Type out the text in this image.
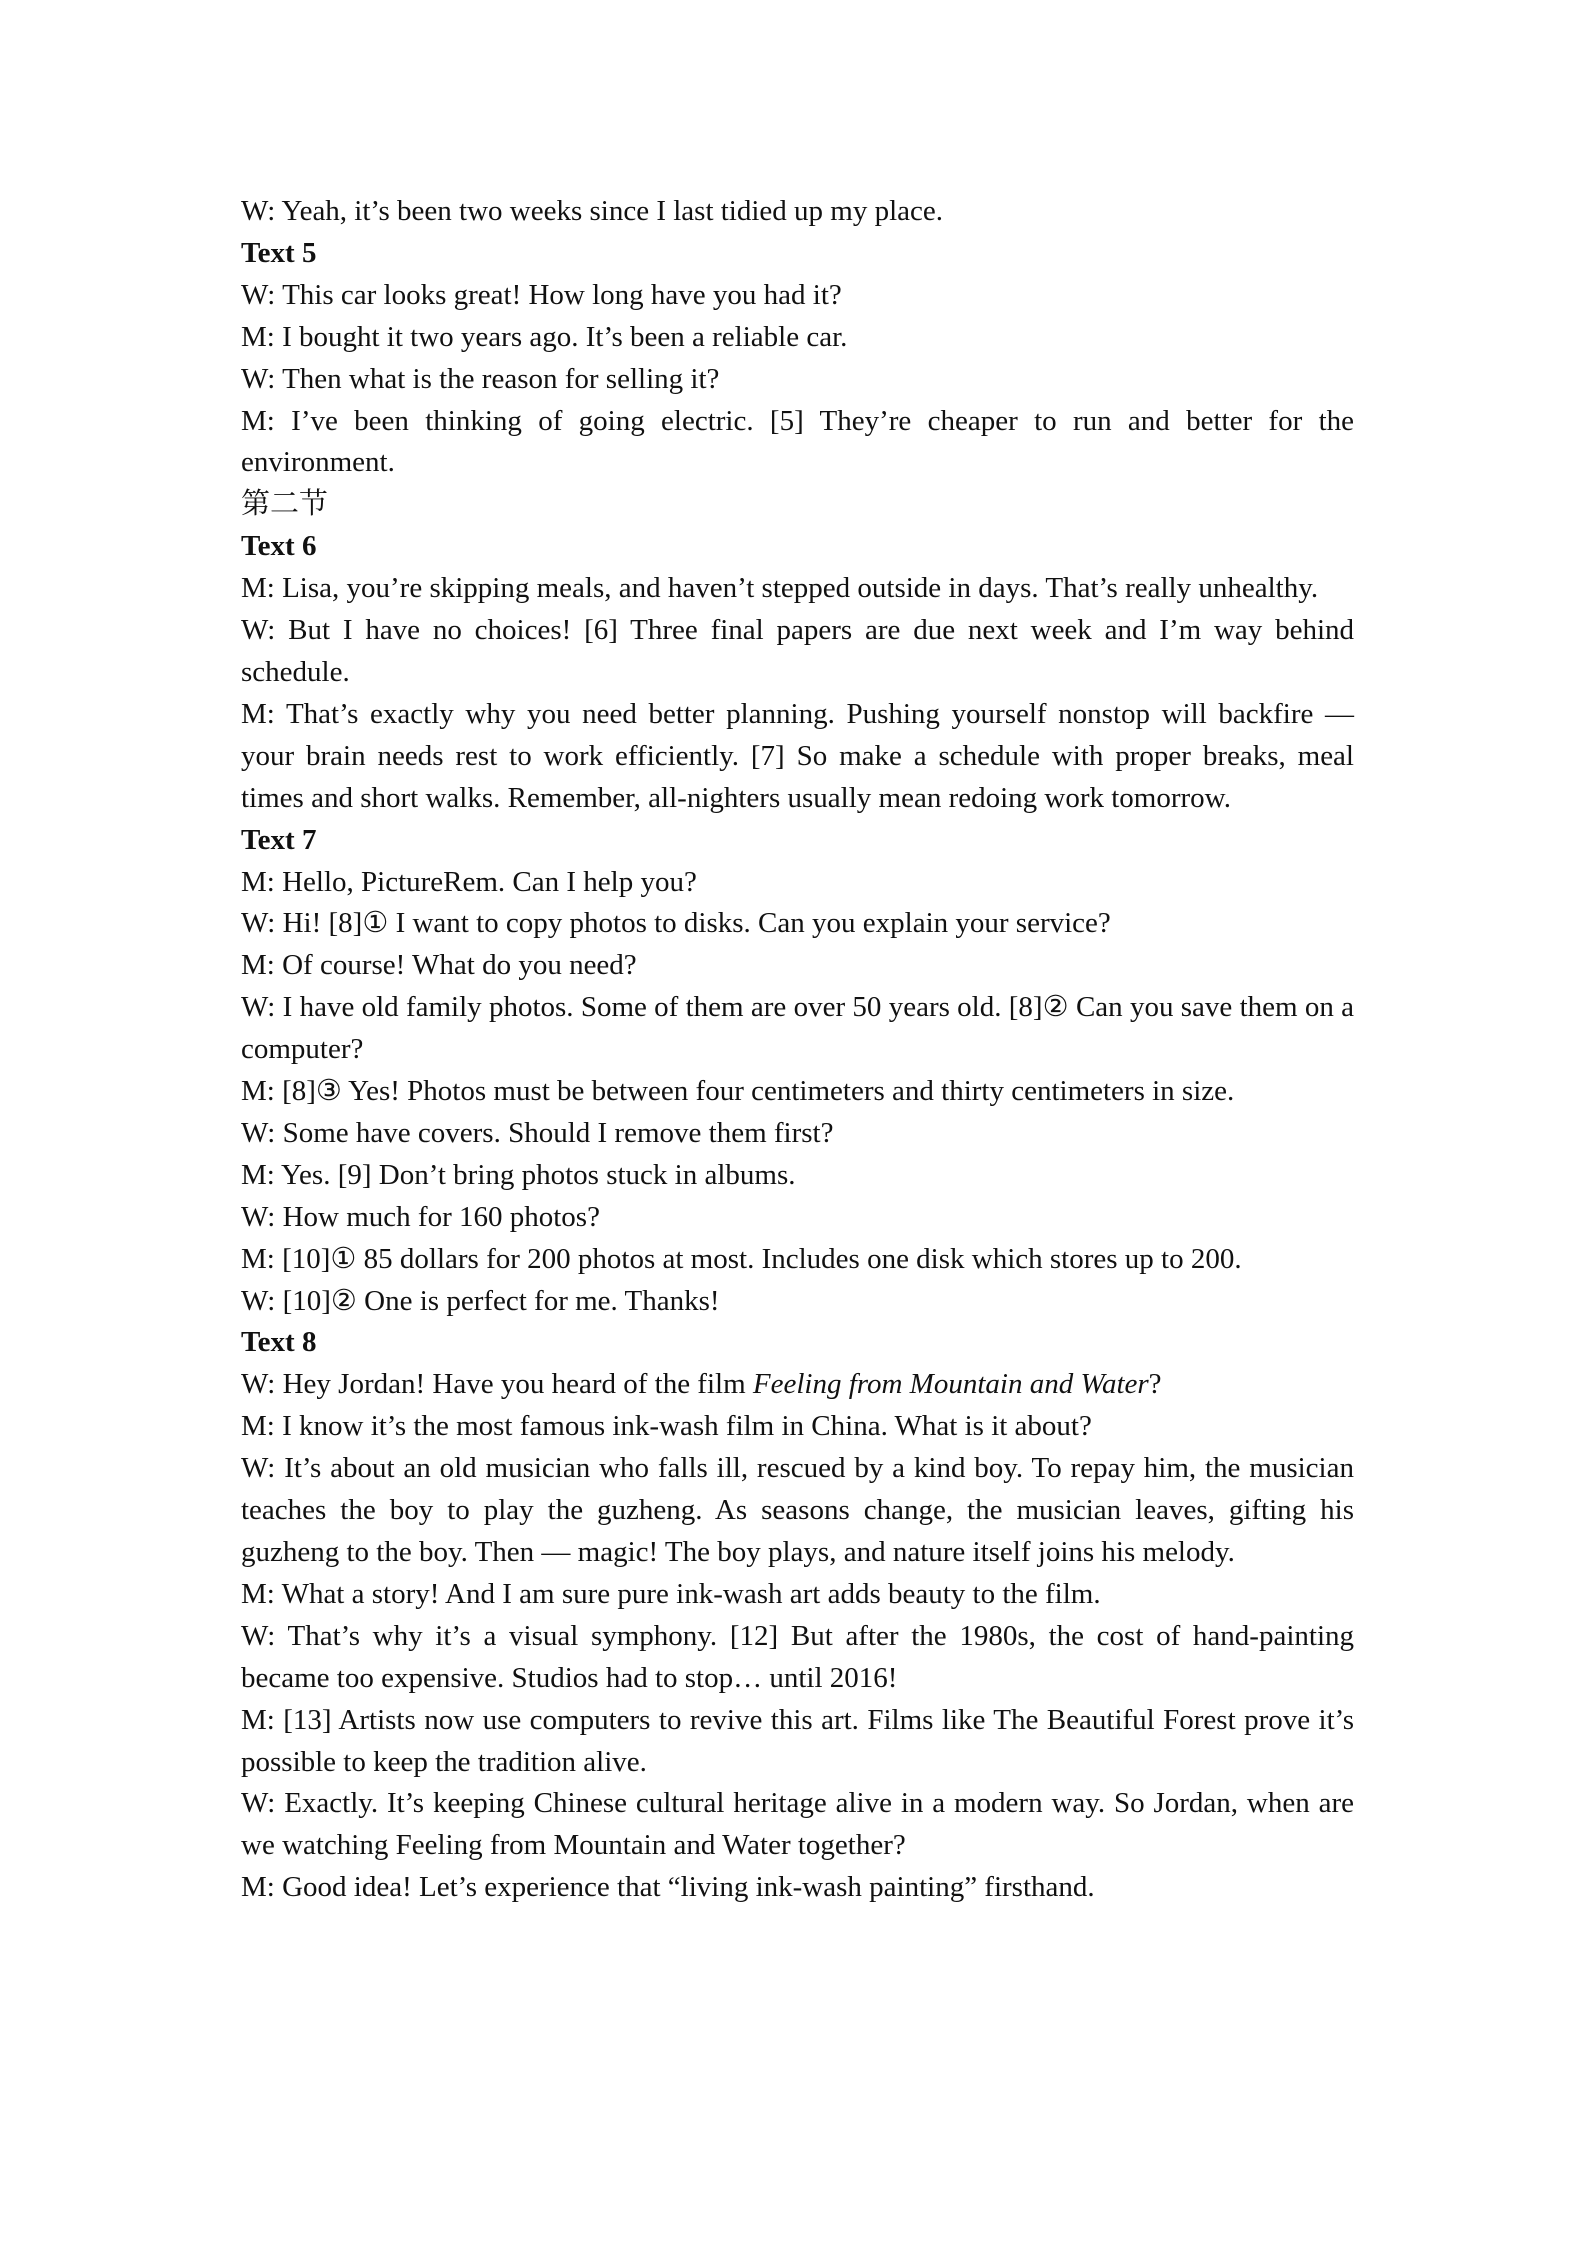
W: Yeah, it’s been two weeks since I last tidied up my place.

Text 5

W: This car looks great! How long have you had it?

M: I bought it two years ago. It’s been a reliable car.

W: Then what is the reason for selling it?

M: I’ve been thinking of going electric. [5] They’re cheaper to run and better for the environment.

第二节

Text 6

M: Lisa, you’re skipping meals, and haven’t stepped outside in days. That’s really unhealthy.

W: But I have no choices! [6] Three final papers are due next week and I’m way behind schedule.

M: That’s exactly why you need better planning. Pushing yourself nonstop will backfire — your brain needs rest to work efficiently. [7] So make a schedule with proper breaks, meal times and short walks. Remember, all-nighters usually mean redoing work tomorrow.

Text 7

M: Hello, PictureRem. Can I help you?

W: Hi! [8]① I want to copy photos to disks. Can you explain your service?

M: Of course! What do you need?

W: I have old family photos. Some of them are over 50 years old. [8]② Can you save them on a computer?

M: [8]③ Yes! Photos must be between four centimeters and thirty centimeters in size.

W: Some have covers. Should I remove them first?

M: Yes. [9] Don’t bring photos stuck in albums.

W: How much for 160 photos?

M: [10]① 85 dollars for 200 photos at most. Includes one disk which stores up to 200.

W: [10]② One is perfect for me. Thanks!

Text 8

W: Hey Jordan! Have you heard of the film Feeling from Mountain and Water?

M: I know it’s the most famous ink-wash film in China. What is it about?

W: It’s about an old musician who falls ill, rescued by a kind boy. To repay him, the musician teaches the boy to play the guzheng. As seasons change, the musician leaves, gifting his guzheng to the boy. Then — magic! The boy plays, and nature itself joins his melody.

M: What a story! And I am sure pure ink-wash art adds beauty to the film.

W: That’s why it’s a visual symphony. [12] But after the 1980s, the cost of hand-painting became too expensive. Studios had to stop… until 2016!

M: [13] Artists now use computers to revive this art. Films like The Beautiful Forest prove it’s possible to keep the tradition alive.

W: Exactly. It’s keeping Chinese cultural heritage alive in a modern way. So Jordan, when are we watching Feeling from Mountain and Water together?

M: Good idea! Let’s experience that “living ink-wash painting” firsthand.
